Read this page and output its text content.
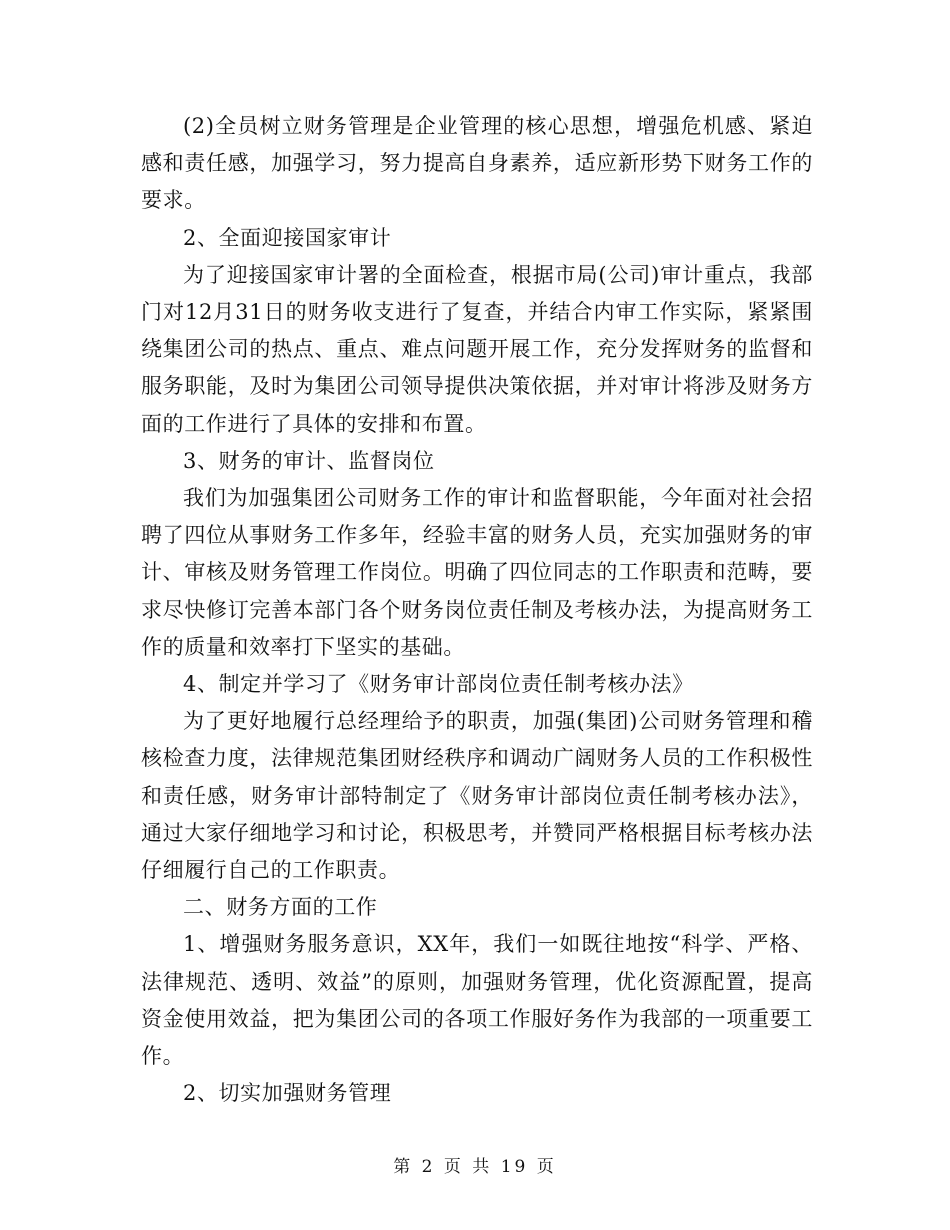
(2)全员树立财务管理是企业管理的核心思想，增强危机感、紧迫感和责任感，加强学习，努力提高自身素养，适应新形势下财务工作的要求。

2、全面迎接国家审计

为了迎接国家审计署的全面检查，根据市局(公司)审计重点，我部门对12月31日的财务收支进行了复查，并结合内审工作实际，紧紧围绕集团公司的热点、重点、难点问题开展工作，充分发挥财务的监督和服务职能，及时为集团公司领导提供决策依据，并对审计将涉及财务方面的工作进行了具体的安排和布置。

3、财务的审计、监督岗位

我们为加强集团公司财务工作的审计和监督职能，今年面对社会招聘了四位从事财务工作多年，经验丰富的财务人员，充实加强财务的审计、审核及财务管理工作岗位。明确了四位同志的工作职责和范畴，要求尽快修订完善本部门各个财务岗位责任制及考核办法，为提高财务工作的质量和效率打下坚实的基础。

4、制定并学习了《财务审计部岗位责任制考核办法》

为了更好地履行总经理给予的职责，加强(集团)公司财务管理和稽核检查力度，法律规范集团财经秩序和调动广阔财务人员的工作积极性和责任感，财务审计部特制定了《财务审计部岗位责任制考核办法》，通过大家仔细地学习和讨论，积极思考，并赞同严格根据目标考核办法仔细履行自己的工作职责。

二、财务方面的工作

1、增强财务服务意识，XX年，我们一如既往地按“科学、严格、法律规范、透明、效益”的原则，加强财务管理，优化资源配置，提高资金使用效益，把为集团公司的各项工作服好务作为我部的一项重要工作。

2、切实加强财务管理

第 2 页 共 19 页
